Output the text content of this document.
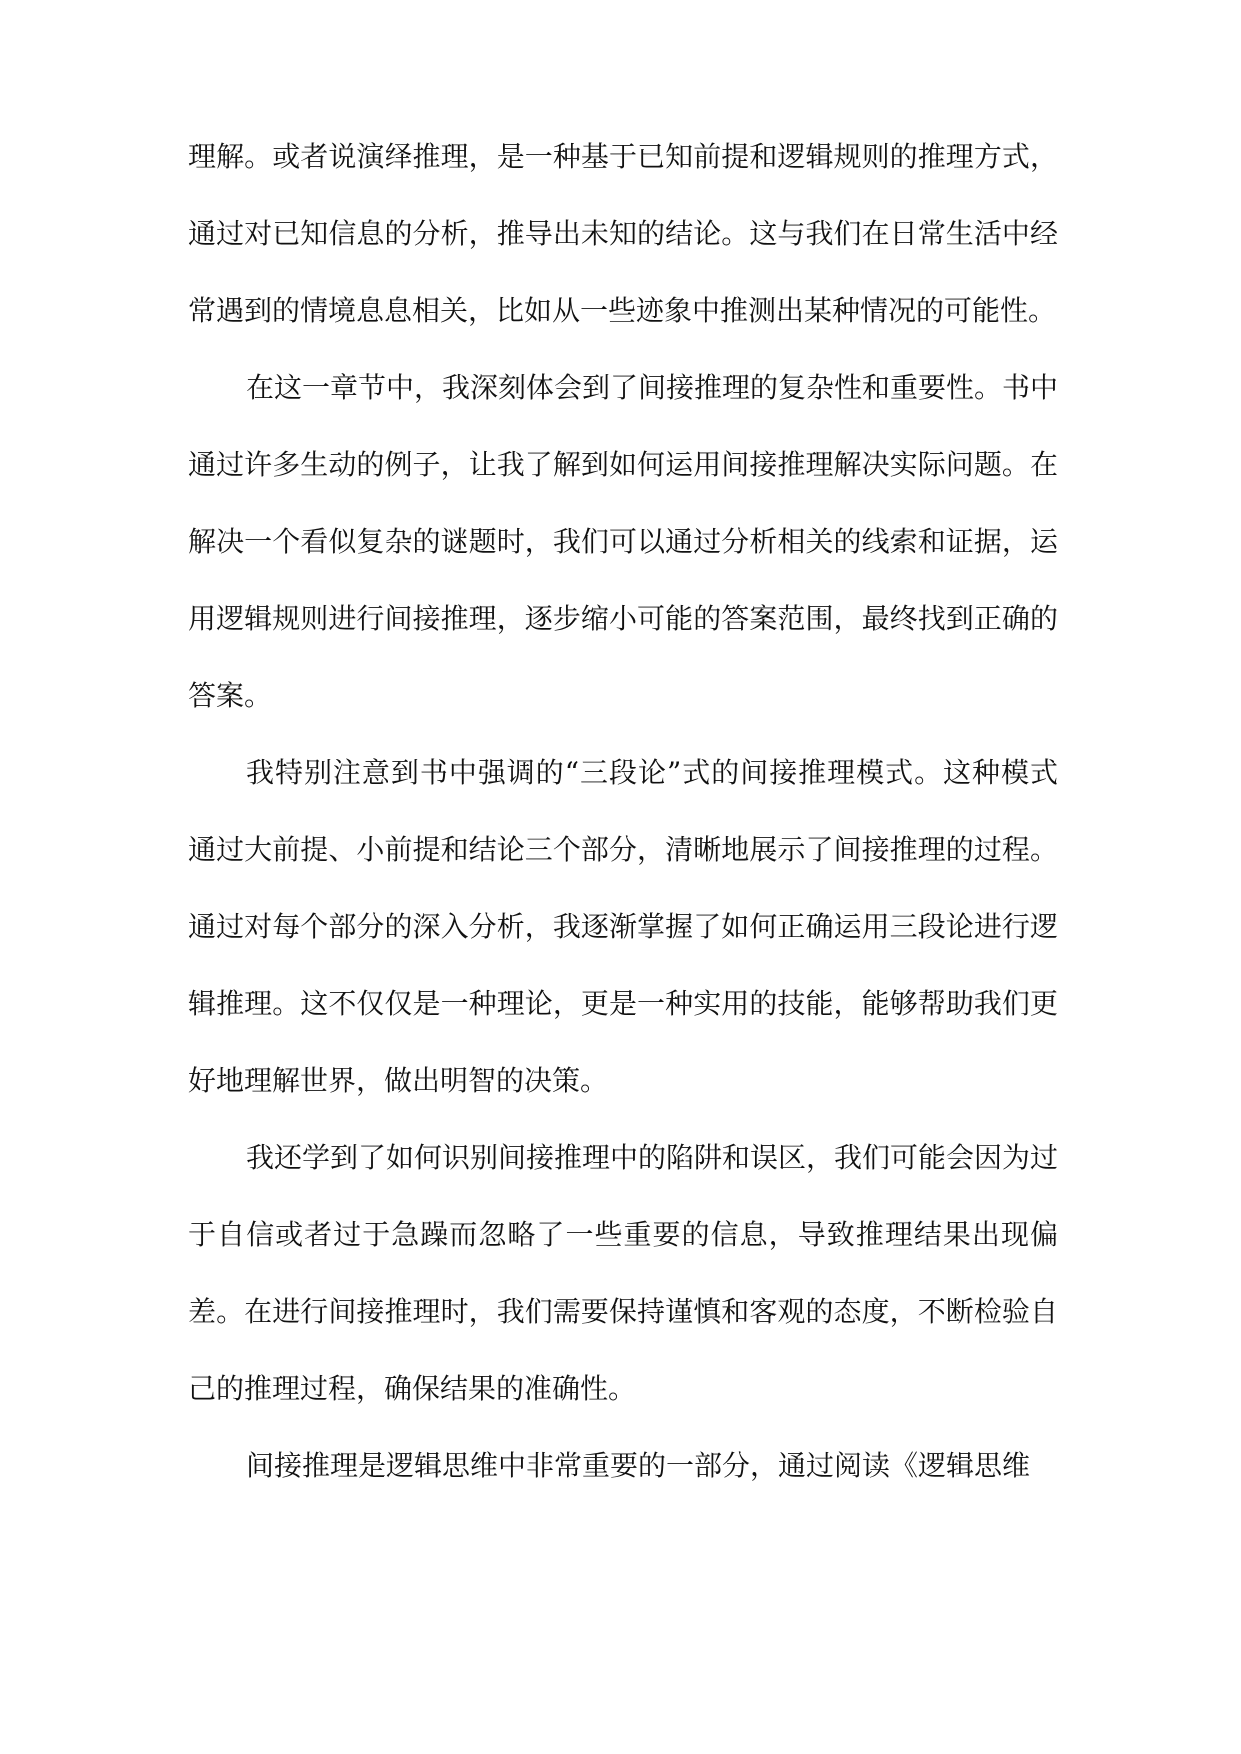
理解。或者说演绎推理，是一种基于已知前提和逻辑规则的推理方式，通过对已知信息的分析，推导出未知的结论。这与我们在日常生活中经常遇到的情境息息相关，比如从一些迹象中推测出某种情况的可能性。

在这一章节中，我深刻体会到了间接推理的复杂性和重要性。书中通过许多生动的例子，让我了解到如何运用间接推理解决实际问题。在解决一个看似复杂的谜题时，我们可以通过分析相关的线索和证据，运用逻辑规则进行间接推理，逐步缩小可能的答案范围，最终找到正确的答案。

我特别注意到书中强调的“三段论”式的间接推理模式。这种模式通过大前提、小前提和结论三个部分，清晰地展示了间接推理的过程。通过对每个部分的深入分析，我逐渐掌握了如何正确运用三段论进行逻辑推理。这不仅仅是一种理论，更是一种实用的技能，能够帮助我们更好地理解世界，做出明智的决策。

我还学到了如何识别间接推理中的陷阱和误区，我们可能会因为过于自信或者过于急躁而忽略了一些重要的信息，导致推理结果出现偏差。在进行间接推理时，我们需要保持谨慎和客观的态度，不断检验自己的推理过程，确保结果的准确性。

间接推理是逻辑思维中非常重要的一部分，通过阅读《逻辑思维
